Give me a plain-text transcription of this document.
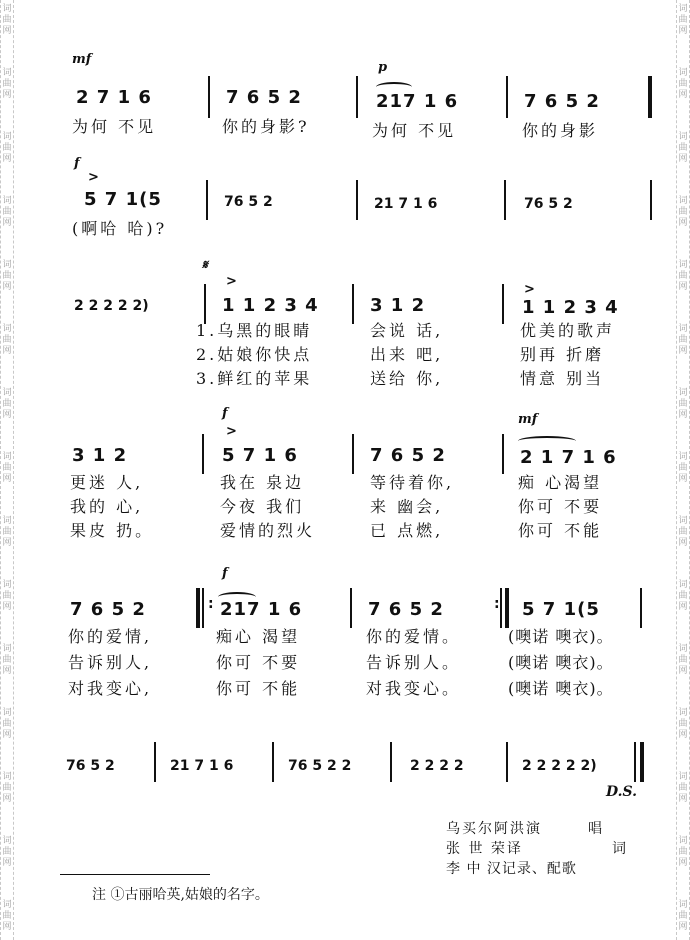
词
曲
网
词
曲
网
词
曲
网
词
曲
网
词
曲
网
词
曲
网
词
曲
网
词
曲
网
词
曲
网
词
曲
网
词
曲
网
词
曲
网
词
曲
网
词
曲
网
词
曲
网
词
曲
网
词
曲
网
词
曲
网
词
曲
网
词
曲
网
词
曲
网
词
曲
网
词
曲
网
词
曲
网
词
曲
网
词
曲
网
词
曲
网
词
曲
网
词
曲
网
词
曲
网
mf
p
2 7 1 6	7 6 5 2	217 1 6	7 6 5 2
为何 不见	你的身影?	为何 不见	你的身影
f
>
5 7 1(5	76 5 2	21 7 1 6	76 5 2
(啊哈 哈)?
𝄋
>
>
2 2 2 2 2)	1 1 2 3 4	3 1 2	1 1 2 3 4
1.乌黑的眼睛
2.姑娘你快点
3.鲜红的苹果
会说 话,
出来 吧,
送给 你,
优美的歌声
别再 折磨
情意 别当
f
>
mf
3 1 2	5 7 1 6	7 6 5 2	2 1 7 1 6
更迷 人,
我的 心,
果皮 扔。
我在 泉边
今夜 我们
爱情的烈火
等待着你,
来 幽会,
已 点燃,
痴 心渴望
你可 不要
你可 不能
f
7 6 5 2	: 217 1 6	7 6 5 2	: 5 7 1(5
你的爱情,
告诉别人,
对我变心,
痴心 渴望
你可 不要
你可 不能
你的爱情。
告诉别人。
对我变心。
(噢诺 噢衣)。
(噢诺 噢衣)。
(噢诺 噢衣)。
76 5 2	21 7 1 6	76 5 2 2	2 2 2 2	2 2 2 2 2)
D.S.
乌买尔阿洪演	唱
张 世 荣译	词
李 中 汉记录、配歌
注 ①古丽哈英,姑娘的名字。
